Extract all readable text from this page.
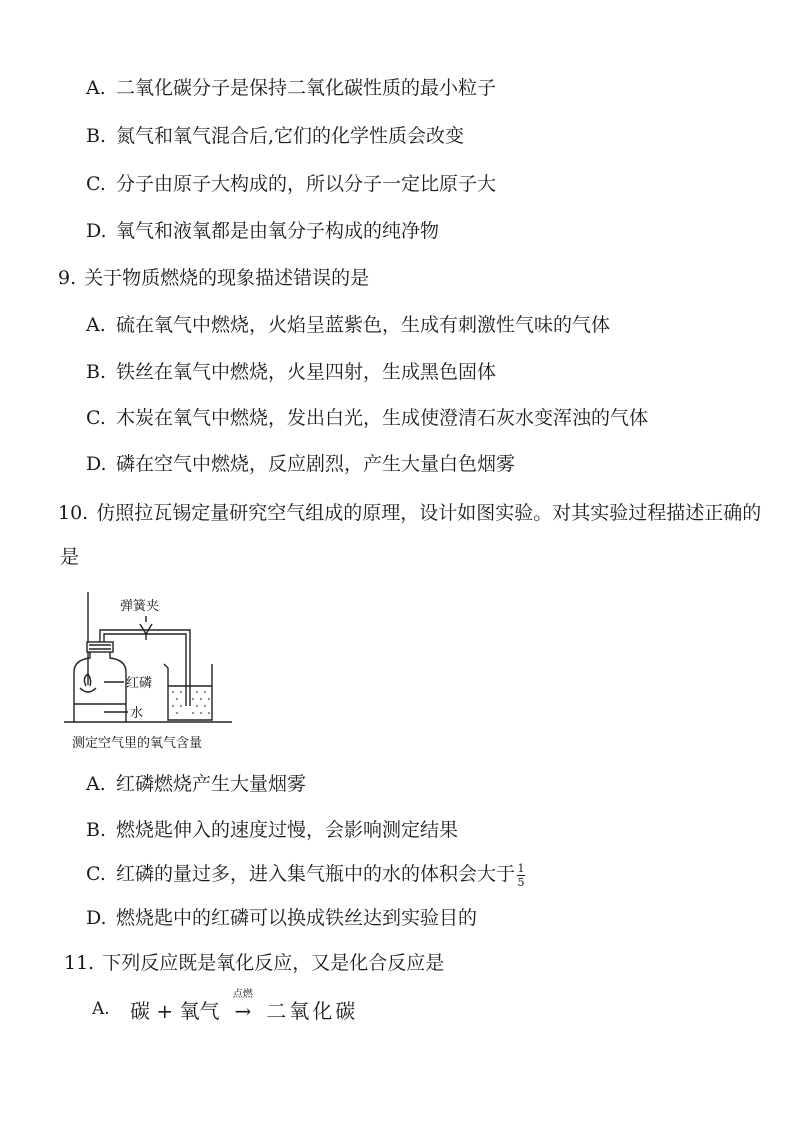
A. 二氧化碳分子是保持二氧化碳性质的最小粒子
B. 氮气和氧气混合后,它们的化学性质会改变
C. 分子由原子大构成的，所以分子一定比原子大
D. 氧气和液氧都是由氧分子构成的纯净物
9. 关于物质燃烧的现象描述错误的是
A. 硫在氧气中燃烧，火焰呈蓝紫色，生成有刺激性气味的气体
B. 铁丝在氧气中燃烧，火星四射，生成黑色固体
C. 木炭在氧气中燃烧，发出白光，生成使澄清石灰水变浑浊的气体
D. 磷在空气中燃烧，反应剧烈，产生大量白色烟雾
10. 仿照拉瓦锡定量研究空气组成的原理，设计如图实验。对其实验过程描述正确的
是
弹簧夹
红磷
水
测定空气里的氧气含量
A. 红磷燃烧产生大量烟雾
B. 燃烧匙伸入的速度过慢，会影响测定结果
C. 红磷的量过多，进入集气瓶中的水的体积会大于 $\frac{1}{5}$
D. 燃烧匙中的红磷可以换成铁丝达到实验目的
11. 下列反应既是氧化反应，又是化合反应是
A. 碳 + 氧气
点燃
→ 二氧化碳
